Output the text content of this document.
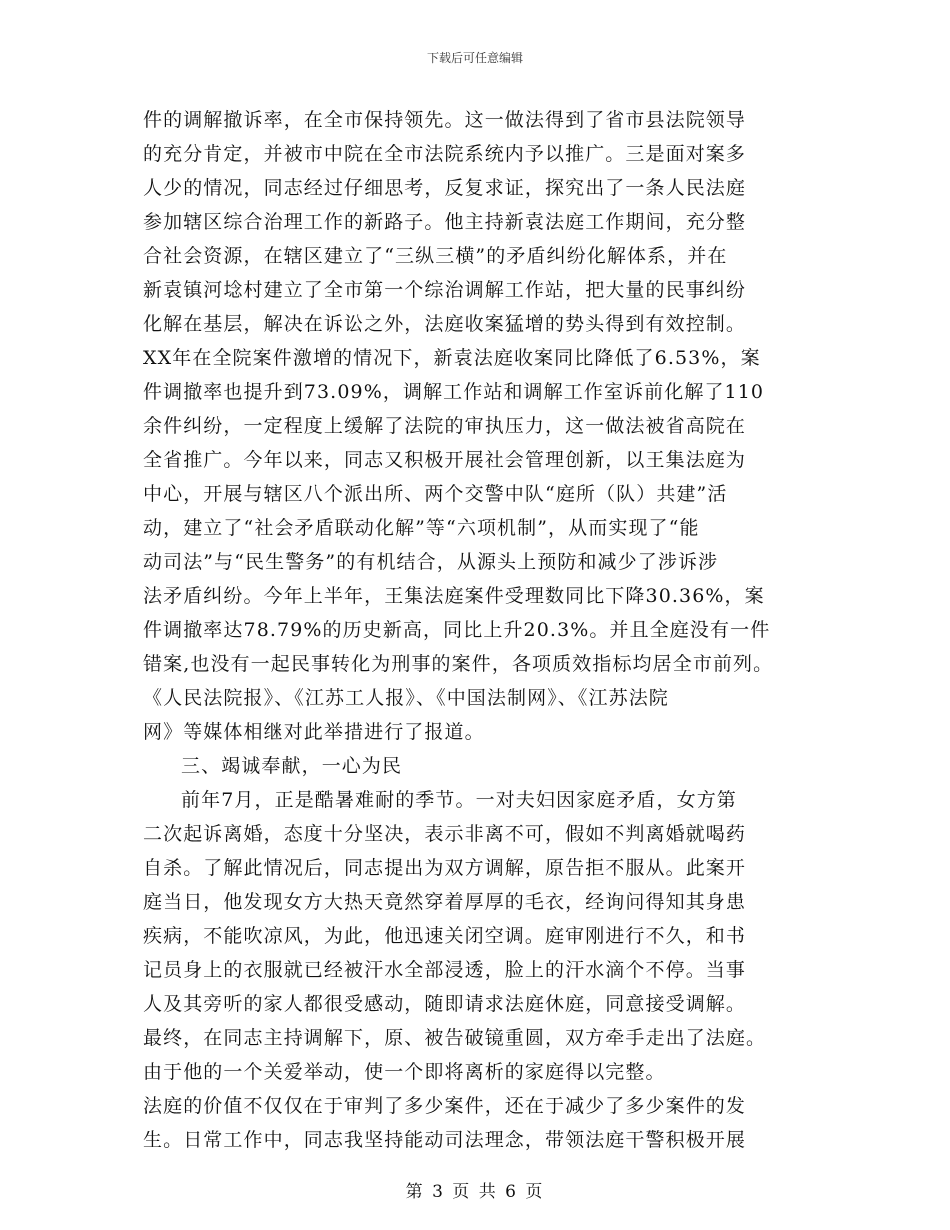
下载后可任意编辑
件的调解撤诉率，在全市保持领先。这一做法得到了省市县法院领导
的充分肯定，并被市中院在全市法院系统内予以推广。三是面对案多
人少的情况，同志经过仔细思考，反复求证，探究出了一条人民法庭
参加辖区综合治理工作的新路子。他主持新袁法庭工作期间，充分整
合社会资源，在辖区建立了“三纵三横”的矛盾纠纷化解体系，并在
新袁镇河埝村建立了全市第一个综治调解工作站，把大量的民事纠纷
化解在基层，解决在诉讼之外，法庭收案猛增的势头得到有效控制。
XX年在全院案件激增的情况下，新袁法庭收案同比降低了6.53%，案
件调撤率也提升到73.09%，调解工作站和调解工作室诉前化解了110
余件纠纷，一定程度上缓解了法院的审执压力，这一做法被省高院在
全省推广。今年以来，同志又积极开展社会管理创新，以王集法庭为
中心，开展与辖区八个派出所、两个交警中队“庭所（队）共建”活
动，建立了“社会矛盾联动化解”等“六项机制”，从而实现了“能
动司法”与“民生警务”的有机结合，从源头上预防和减少了涉诉涉
法矛盾纠纷。今年上半年，王集法庭案件受理数同比下降30.36%，案
件调撤率达78.79%的历史新高，同比上升20.3%。并且全庭没有一件
错案,也没有一起民事转化为刑事的案件，各项质效指标均居全市前列。
《人民法院报》、《江苏工人报》、《中国法制网》、《江苏法院
网》等媒体相继对此举措进行了报道。
三、竭诚奉献，一心为民
前年7月，正是酷暑难耐的季节。一对夫妇因家庭矛盾，女方第
二次起诉离婚，态度十分坚决，表示非离不可，假如不判离婚就喝药
自杀。了解此情况后，同志提出为双方调解，原告拒不服从。此案开
庭当日，他发现女方大热天竟然穿着厚厚的毛衣，经询问得知其身患
疾病，不能吹凉风，为此，他迅速关闭空调。庭审刚进行不久，和书
记员身上的衣服就已经被汗水全部浸透，脸上的汗水滴个不停。当事
人及其旁听的家人都很受感动，随即请求法庭休庭，同意接受调解。
最终，在同志主持调解下，原、被告破镜重圆，双方牵手走出了法庭。
由于他的一个关爱举动，使一个即将离析的家庭得以完整。
法庭的价值不仅仅在于审判了多少案件，还在于减少了多少案件的发
生。日常工作中，同志我坚持能动司法理念，带领法庭干警积极开展
第 3 页 共 6 页
